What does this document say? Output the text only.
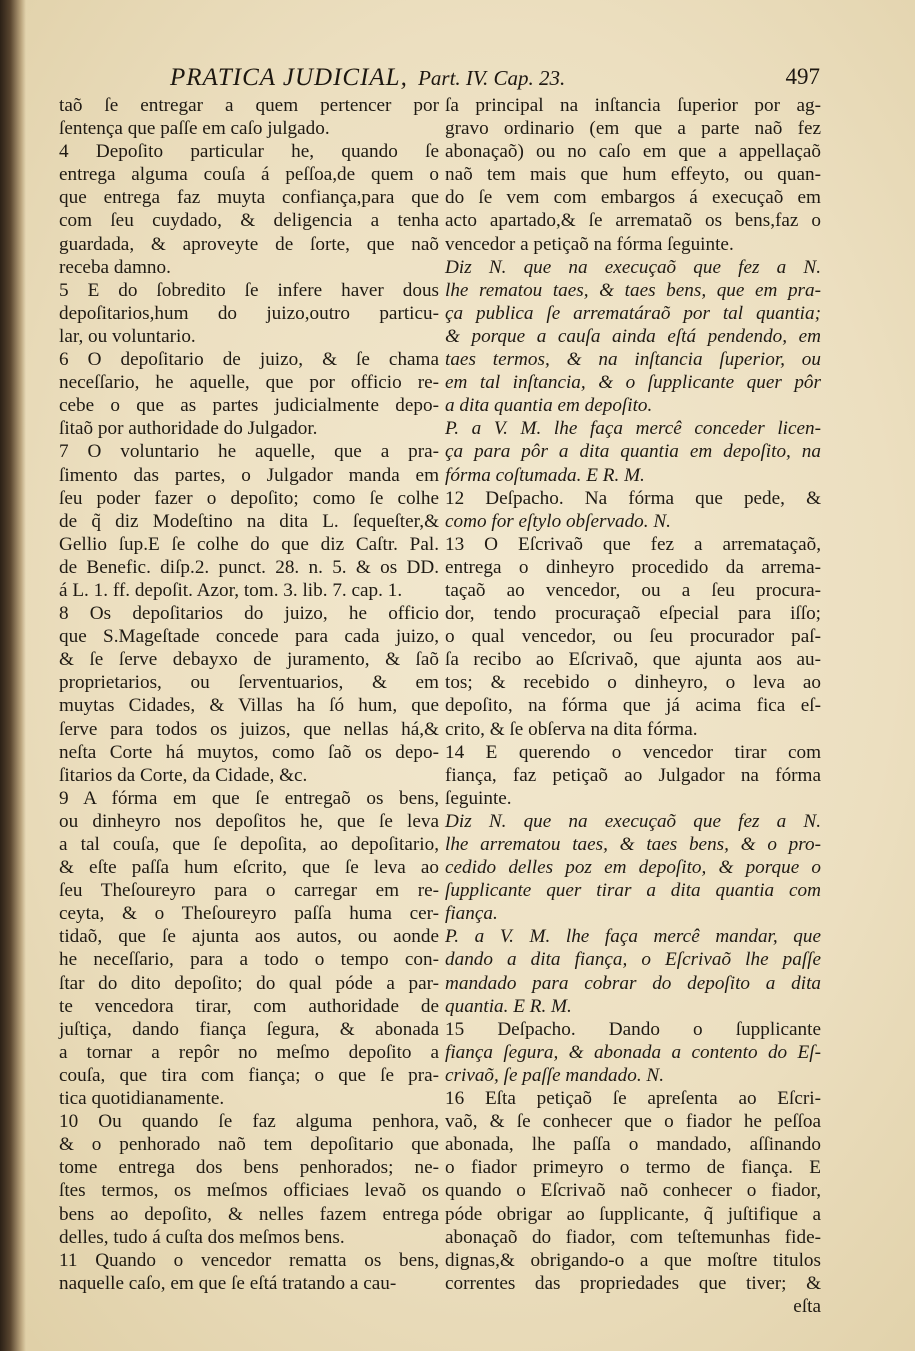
PRATICA JUDICIAL, Part. IV. Cap. 23.	497
taõ ſe entregar a quem pertencer por
ſentença que paſſe em caſo julgado.
4 Depoſito particular he, quando ſe
entrega alguma couſa á peſſoa,de quem o
que entrega faz muyta confiança,para que
com ſeu cuydado, & deligencia a tenha
guardada, & aproveyte de ſorte, que naõ
receba damno.
5 E do ſobredito ſe infere haver dous
depoſitarios,hum do juizo,outro particu-
lar, ou voluntario.
6 O depoſitario de juizo, & ſe chama
neceſſario, he aquelle, que por officio re-
cebe o que as partes judicialmente depo-
ſitaõ por authoridade do Julgador.
7 O voluntario he aquelle, que a pra-
ſimento das partes, o Julgador manda em
ſeu poder fazer o depoſito; como ſe colhe
de q̃ diz Modeſtino na dita L. ſequeſter,&
Gellio ſup.E ſe colhe do que diz Caſtr. Pal.
de Benefic. diſp.2. punct. 28. n. 5. & os DD.
á L. 1. ff. depoſit. Azor, tom. 3. lib. 7. cap. 1.
8 Os depoſitarios do juizo, he officio
que S.Mageſtade concede para cada juizo,
& ſe ſerve debayxo de juramento, & ſaõ
proprietarios, ou ſerventuarios, & em
muytas Cidades, & Villas ha ſó hum, que
ſerve para todos os juizos, que nellas há,&
neſta Corte há muytos, como ſaõ os depo-
ſitarios da Corte, da Cidade, &c.
9 A fórma em que ſe entregaõ os bens,
ou dinheyro nos depoſitos he, que ſe leva
a tal couſa, que ſe depoſita, ao depoſitario,
& eſte paſſa hum eſcrito, que ſe leva ao
ſeu Theſoureyro para o carregar em re-
ceyta, & o Theſoureyro paſſa huma cer-
tidaõ, que ſe ajunta aos autos, ou aonde
he neceſſario, para a todo o tempo con-
ſtar do dito depoſito; do qual póde a par-
te vencedora tirar, com authoridade de
juſtiça, dando fiança ſegura, & abonada
a tornar a repôr no meſmo depoſito a
couſa, que tira com fiança; o que ſe pra-
tica quotidianamente.
10 Ou quando ſe faz alguma penhora,
& o penhorado naõ tem depoſitario que
tome entrega dos bens penhorados; ne-
ſtes termos, os meſmos officiaes levaõ os
bens ao depoſito, & nelles fazem entrega
delles, tudo á cuſta dos meſmos bens.
11 Quando o vencedor rematta os bens,
naquelle caſo, em que ſe eſtá tratando a cau-
ſa principal na inſtancia ſuperior por ag-
gravo ordinario (em que a parte naõ fez
abonaçaõ) ou no caſo em que a appellaçaõ
naõ tem mais que hum effeyto, ou quan-
do ſe vem com embargos á execuçaõ em
acto apartado,& ſe arremataõ os bens,faz o
vencedor a petiçaõ na fórma ſeguinte.
Diz N. que na execuçaõ que fez a N.
lhe rematou taes, & taes bens, que em pra-
ça publica ſe arrematáraõ por tal quantia;
& porque a cauſa ainda eſtá pendendo, em
taes termos, & na inſtancia ſuperior, ou
em tal inſtancia, & o ſupplicante quer pôr
a dita quantia em depoſito.
P. a V. M. lhe faça mercê conceder licen-
ça para pôr a dita quantia em depoſito, na
fórma coſtumada. E R. M.
12 Deſpacho. Na fórma que pede, &
como for eſtylo obſervado. N.
13 O Eſcrivaõ que fez a arremataçaõ,
entrega o dinheyro procedido da arrema-
taçaõ ao vencedor, ou a ſeu procura-
dor, tendo procuraçaõ eſpecial para iſſo;
o qual vencedor, ou ſeu procurador paſ-
ſa recibo ao Eſcrivaõ, que ajunta aos au-
tos; & recebido o dinheyro, o leva ao
depoſito, na fórma que já acima fica eſ-
crito, & ſe obſerva na dita fórma.
14 E querendo o vencedor tirar com
fiança, faz petiçaõ ao Julgador na fórma
ſeguinte.
Diz N. que na execuçaõ que fez a N.
lhe arrematou taes, & taes bens, & o pro-
cedido delles poz em depoſito, & porque o
ſupplicante quer tirar a dita quantia com
fiança.
P. a V. M. lhe faça mercê mandar, que
dando a dita fiança, o Eſcrivaõ lhe paſſe
mandado para cobrar do depoſito a dita
quantia. E R. M.
15 Deſpacho. Dando o ſupplicante
fiança ſegura, & abonada a contento do Eſ-
crivaõ, ſe paſſe mandado. N.
16 Eſta petiçaõ ſe apreſenta ao Eſcri-
vaõ, & ſe conhecer que o fiador he peſſoa
abonada, lhe paſſa o mandado, aſſinando
o fiador primeyro o termo de fiança. E
quando o Eſcrivaõ naõ conhecer o fiador,
póde obrigar ao ſupplicante, q̃ juſtifique a
abonaçaõ do fiador, com teſtemunhas fide-
dignas,& obrigando-o a que moſtre titulos
correntes das propriedades que tiver; &
eſta
